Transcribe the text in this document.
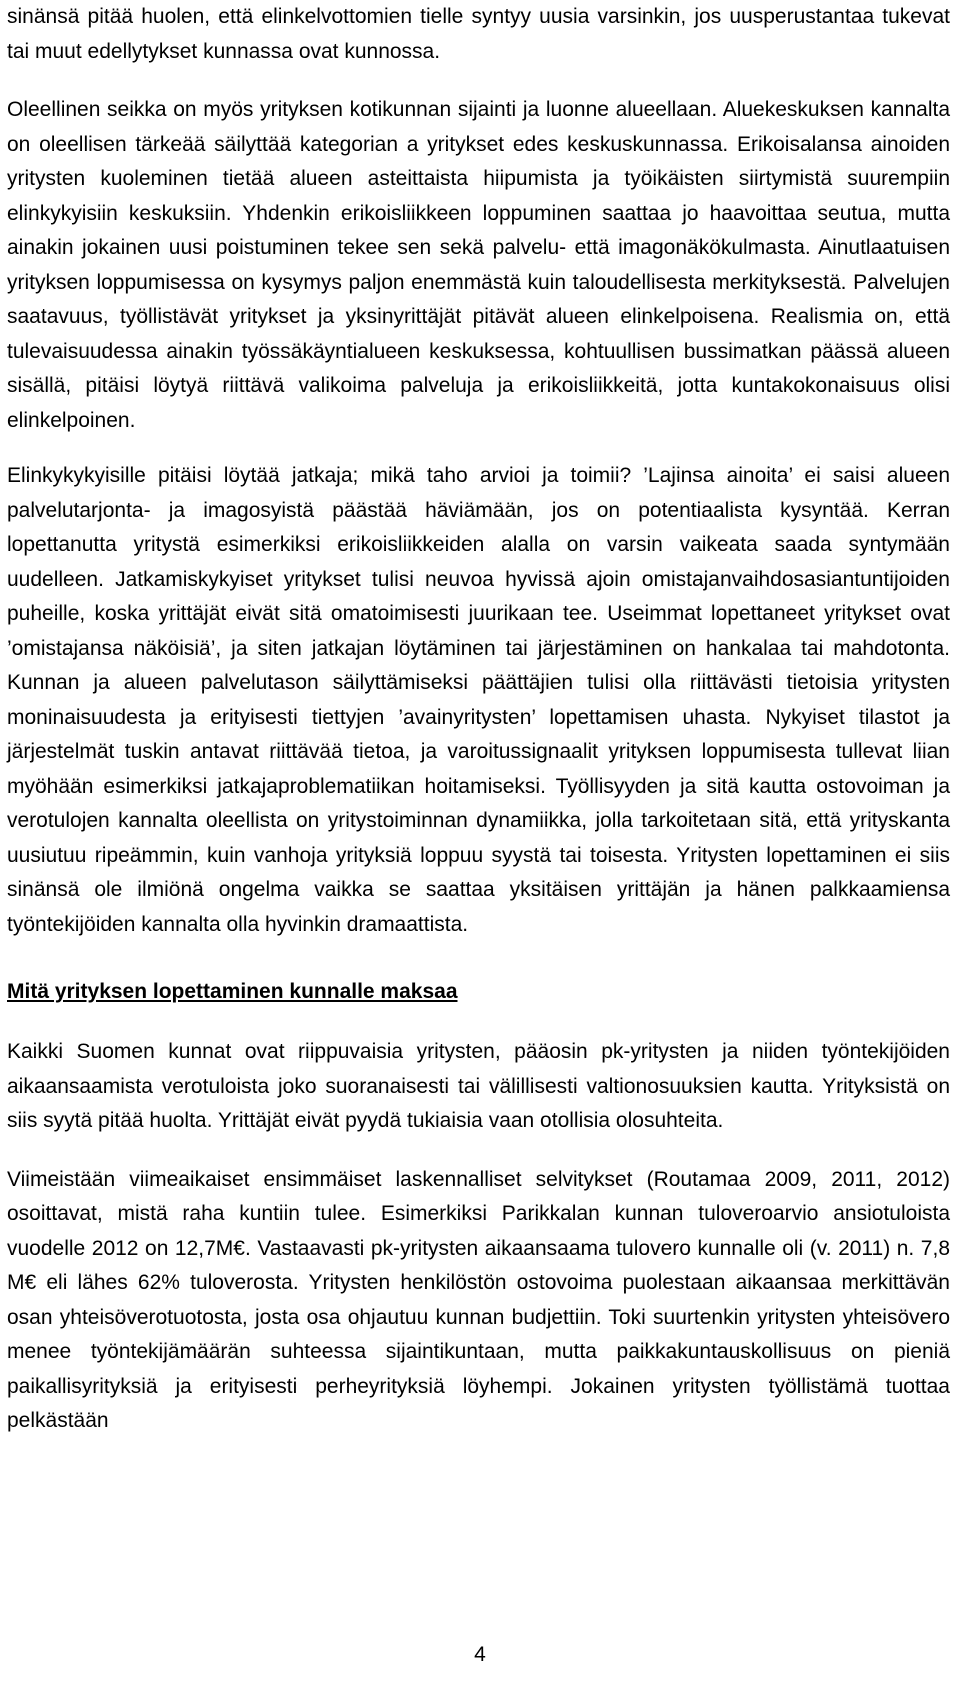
sinänsä pitää huolen, että elinkelvottomien tielle syntyy uusia varsinkin, jos uusperustantaa tukevat tai muut edellytykset kunnassa ovat kunnossa.

Oleellinen seikka on myös yrityksen kotikunnan sijainti ja luonne alueellaan. Aluekeskuksen kannalta on oleellisen tärkeää säilyttää kategorian a yritykset edes keskuskunnassa. Erikoisalansa ainoiden yritysten kuoleminen tietää alueen asteittaista hiipumista ja työikäisten siirtymistä suurempiin elinkykyisiin keskuksiin. Yhdenkin erikoisliikkeen loppuminen saattaa jo haavoittaa seutua, mutta ainakin jokainen uusi poistuminen tekee sen sekä palvelu- että imagonäkökulmasta. Ainutlaatuisen yrityksen loppumisessa on kysymys paljon enemmästä kuin taloudellisesta merkityksestä. Palvelujen saatavuus, työllistävät yritykset ja yksinyrittäjät pitävät alueen elinkelpoisena. Realismia on, että tulevaisuudessa ainakin työssäkäyntialueen keskuksessa, kohtuullisen bussimatkan päässä alueen sisällä, pitäisi löytyä riittävä valikoima palveluja ja erikoisliikkeitä, jotta kuntakokonaisuus olisi elinkelpoinen.

Elinkykykyisille pitäisi löytää jatkaja; mikä taho arvioi ja toimii? ’Lajinsa ainoita’ ei saisi alueen palvelutarjonta- ja imagosyistä päästää häviämään, jos on potentiaalista kysyntää. Kerran lopettanutta yritystä esimerkiksi erikoisliikkeiden alalla on varsin vaikeata saada syntymään uudelleen. Jatkamiskykyiset yritykset tulisi neuvoa hyvissä ajoin omistajanvaihdosasiantuntijoiden puheille, koska yrittäjät eivät sitä omatoimisesti juurikaan tee. Useimmat lopettaneet yritykset ovat ’omistajansa näköisiä’, ja siten jatkajan löytäminen tai järjestäminen on hankalaa tai mahdotonta. Kunnan ja alueen palvelutason säilyttämiseksi päättäjien tulisi olla riittävästi tietoisia yritysten moninaisuudesta ja erityisesti tiettyjen ’avainyritysten’ lopettamisen uhasta. Nykyiset tilastot ja järjestelmät tuskin antavat riittävää tietoa, ja varoitussignaalit yrityksen loppumisesta tullevat liian myöhään esimerkiksi jatkajaproblematiikan hoitamiseksi. Työllisyyden ja sitä kautta ostovoiman ja verotulojen kannalta oleellista on yritystoiminnan dynamiikka, jolla tarkoitetaan sitä, että yrityskanta uusiutuu ripeämmin, kuin vanhoja yrityksiä loppuu syystä tai toisesta. Yritysten lopettaminen ei siis sinänsä ole ilmiönä ongelma vaikka se saattaa yksitäisen yrittäjän ja hänen palkkaamiensa työntekijöiden kannalta olla hyvinkin dramaattista.

Mitä yrityksen lopettaminen kunnalle maksaa

Kaikki Suomen kunnat ovat riippuvaisia yritysten, pääosin pk-yritysten ja niiden työntekijöiden aikaansaamista verotuloista joko suoranaisesti tai välillisesti valtionosuuksien kautta. Yrityksistä on siis syytä pitää huolta. Yrittäjät eivät pyydä tukiaisia vaan otollisia olosuhteita.

Viimeistään viimeaikaiset ensimmäiset laskennalliset selvitykset (Routamaa 2009, 2011, 2012) osoittavat, mistä raha kuntiin tulee. Esimerkiksi Parikkalan kunnan tuloveroarvio ansiotuloista vuodelle 2012 on 12,7M€. Vastaavasti pk-yritysten aikaansaama tulovero kunnalle oli (v. 2011) n. 7,8 M€ eli lähes 62% tuloverosta. Yritysten henkilöstön ostovoima puolestaan aikaansaa merkittävän osan yhteisöverotuotosta, josta osa ohjautuu kunnan budjettiin. Toki suurtenkin yritysten yhteisövero menee työntekijämäärän suhteessa sijaintikuntaan, mutta paikkakuntauskollisuus on pieniä paikallisyrityksiä ja erityisesti perheyrityksiä löyhempi. Jokainen yritysten työllistämä tuottaa pelkästään

4
